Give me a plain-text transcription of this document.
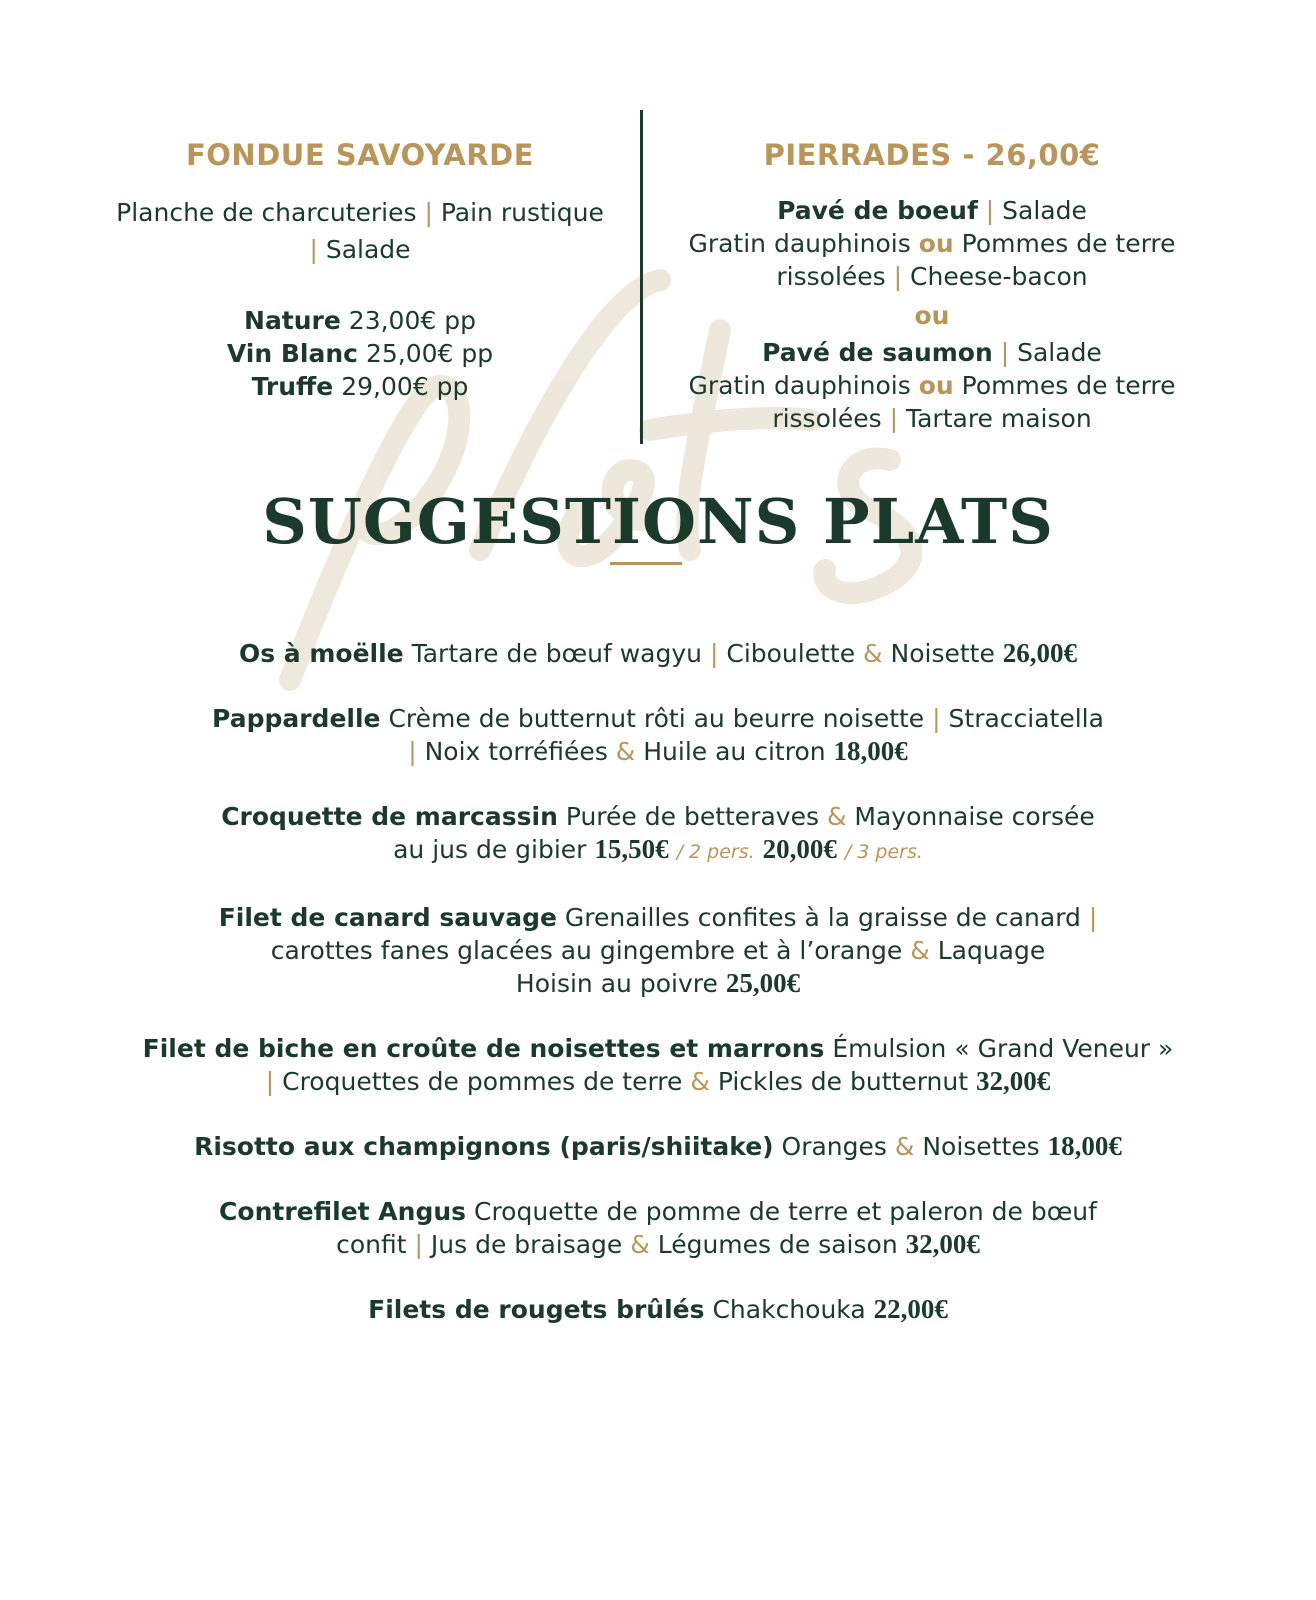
FONDUE SAVOYARDE
Planche de charcuteries | Pain rustique
| Salade
Nature 23,00€ pp
Vin Blanc 25,00€ pp
Truffe 29,00€ pp
PIERRADES - 26,00€
Pavé de boeuf | Salade
Gratin dauphinois ou Pommes de terre
rissolées | Cheese-bacon
ou
Pavé de saumon | Salade
Gratin dauphinois ou Pommes de terre
rissolées | Tartare maison
SUGGESTIONS PLATS
Os à moëlle Tartare de bœuf wagyu | Ciboulette & Noisette 26,00€
Pappardelle Crème de butternut rôti au beurre noisette | Stracciatella
| Noix torréfiées & Huile au citron 18,00€
Croquette de marcassin Purée de betteraves & Mayonnaise corsée
au jus de gibier 15,50€ / 2 pers. 20,00€ / 3 pers.
Filet de canard sauvage Grenailles confites à la graisse de canard |
carottes fanes glacées au gingembre et à l’orange & Laquage
Hoisin au poivre 25,00€
Filet de biche en croûte de noisettes et marrons Émulsion « Grand Veneur »
| Croquettes de pommes de terre & Pickles de butternut 32,00€
Risotto aux champignons (paris/shiitake) Oranges & Noisettes 18,00€
Contrefilet Angus Croquette de pomme de terre et paleron de bœuf
confit | Jus de braisage & Légumes de saison 32,00€
Filets de rougets brûlés Chakchouka 22,00€
